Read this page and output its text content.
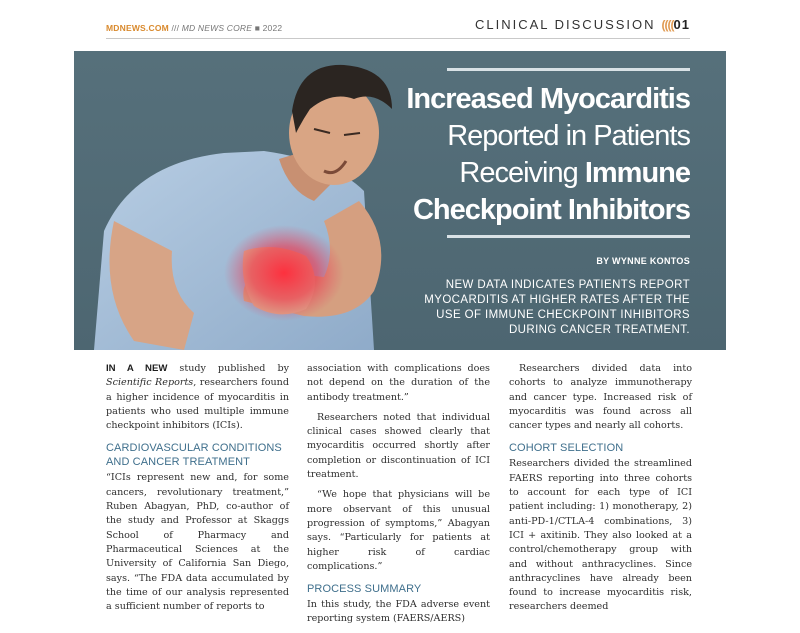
MDNEWS.COM /// MD NEWS CORE ■ 2022	CLINICAL DISCUSSION ((((01
Increased Myocarditis
Reported in Patients
Receiving Immune
Checkpoint Inhibitors
BY WYNNE KONTOS
NEW DATA INDICATES PATIENTS REPORT MYOCARDITIS AT HIGHER RATES AFTER THE USE OF IMMUNE CHECKPOINT INHIBITORS DURING CANCER TREATMENT.

IN A NEW study published by Scientific Reports, researchers found a higher incidence of myocarditis in patients who used multiple immune checkpoint inhibitors (ICIs).

CARDIOVASCULAR CONDITIONS AND CANCER TREATMENT

“ICIs represent new and, for some cancers, revolutionary treatment,” Ruben Abagyan, PhD, co-author of the study and Professor at Skaggs School of Pharmacy and Pharmaceutical Sciences at the University of California San Diego, says. “The FDA data accumulated by the time of our analysis represented a sufficient number of reports to

association with complications does not depend on the duration of the antibody treatment.”

Researchers noted that individual clinical cases showed clearly that myocarditis occurred shortly after completion or discontinuation of ICI treatment.

“We hope that physicians will be more observant of this unusual progression of symptoms,” Abagyan says. “Particularly for patients at higher risk of cardiac complications.”

PROCESS SUMMARY

In this study, the FDA adverse event reporting system (FAERS/AERS)

Researchers divided data into cohorts to analyze immunotherapy and cancer type. Increased risk of myocarditis was found across all cancer types and nearly all cohorts.

COHORT SELECTION

Researchers divided the streamlined FAERS reporting into three cohorts to account for each type of ICI patient including: 1) monotherapy, 2) anti-PD-1/CTLA-4 combinations, 3) ICI + axitinib. They also looked at a control/chemotherapy group with and without anthracyclines. Since anthracyclines have already been found to increase myocarditis risk, researchers deemed
